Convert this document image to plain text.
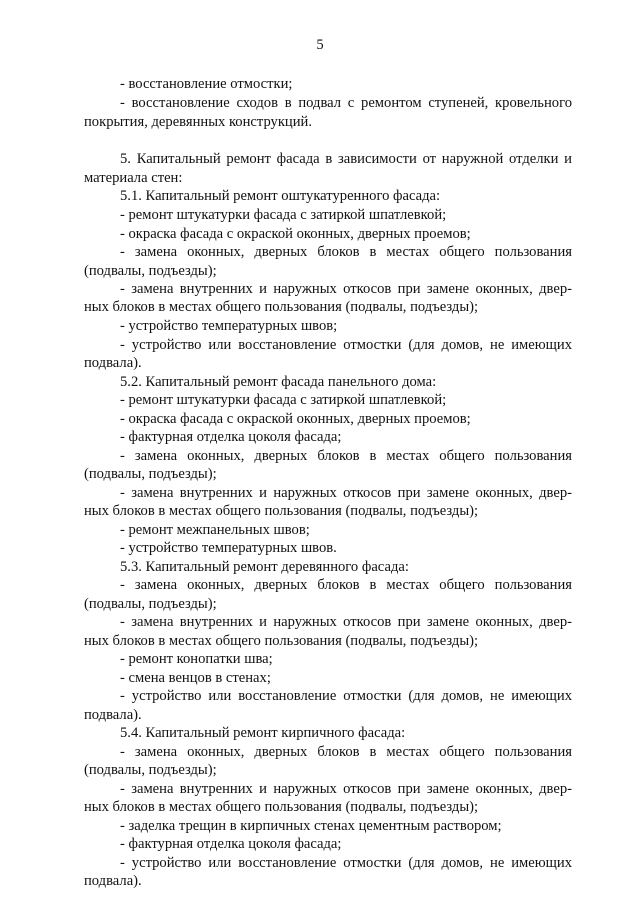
5
- восстановление отмостки;
- восстановление сходов в подвал с ремонтом ступеней, кровельного
покрытия, деревянных конструкций.
5. Капитальный ремонт фасада в зависимости от наружной отделки и
материала стен:
5.1. Капитальный ремонт оштукатуренного фасада:
- ремонт штукатурки фасада с затиркой шпатлевкой;
- окраска фасада с окраской оконных, дверных проемов;
- замена оконных, дверных блоков в местах общего пользования
(подвалы, подъезды);
- замена внутренних и наружных откосов при замене оконных, двер-
ных блоков в местах общего пользования (подвалы, подъезды);
- устройство температурных швов;
- устройство или восстановление отмостки (для домов, не имеющих
подвала).
5.2. Капитальный ремонт фасада панельного дома:
- ремонт штукатурки фасада с затиркой шпатлевкой;
- окраска фасада с окраской оконных, дверных проемов;
- фактурная отделка цоколя фасада;
- замена оконных, дверных блоков в местах общего пользования
(подвалы, подъезды);
- замена внутренних и наружных откосов при замене оконных, двер-
ных блоков в местах общего пользования (подвалы, подъезды);
- ремонт межпанельных швов;
- устройство температурных швов.
5.3. Капитальный ремонт деревянного фасада:
- замена оконных, дверных блоков в местах общего пользования
(подвалы, подъезды);
- замена внутренних и наружных откосов при замене оконных, двер-
ных блоков в местах общего пользования (подвалы, подъезды);
- ремонт конопатки шва;
- смена венцов в стенах;
- устройство или восстановление отмостки (для домов, не имеющих
подвала).
5.4. Капитальный ремонт кирпичного фасада:
- замена оконных, дверных блоков в местах общего пользования
(подвалы, подъезды);
- замена внутренних и наружных откосов при замене оконных, двер-
ных блоков в местах общего пользования (подвалы, подъезды);
- заделка трещин в кирпичных стенах цементным раствором;
- фактурная отделка цоколя фасада;
- устройство или восстановление отмостки (для домов, не имеющих
подвала).
